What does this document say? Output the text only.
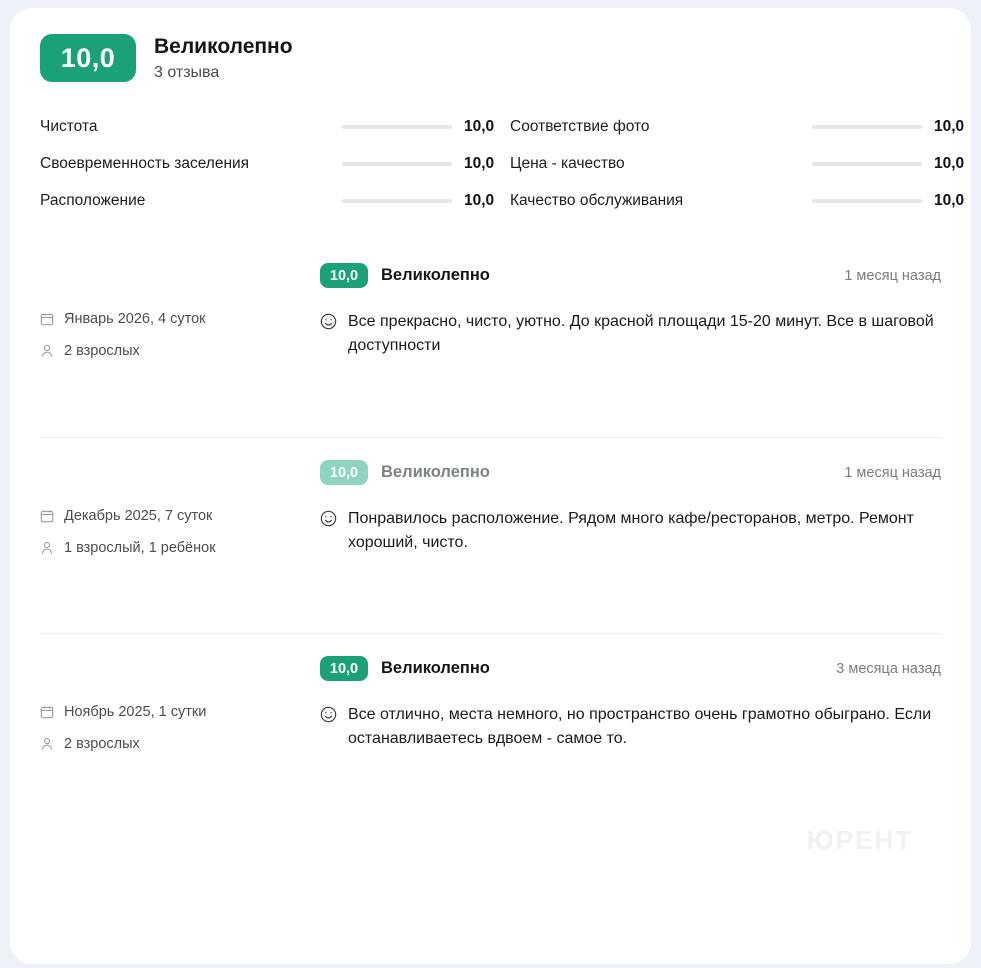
10,0	Великолепно
3 отзыва
Чистота	10,0	Соответствие фото	10,0
Своевременность заселения	10,0	Цена - качество	10,0
Расположение	10,0	Качество обслуживания	10,0
Январь 2026, 4 суток
2 взрослых
10,0	Великолепно	1 месяц назад
Все прекрасно, чисто, уютно. До красной площади 15-20 минут. Все в шаговой доступности
Декабрь 2025, 7 суток
1 взрослый, 1 ребёнок
10,0	Великолепно	1 месяц назад
Понравилось расположение. Рядом много кафе/ресторанов, метро. Ремонт хороший, чисто.
Ноябрь 2025, 1 сутки
2 взрослых
10,0	Великолепно	3 месяца назад
Все отлично, места немного, но пространство очень грамотно обыграно. Если останавливаетесь вдвоем - самое то.
ЮРЕНТ
